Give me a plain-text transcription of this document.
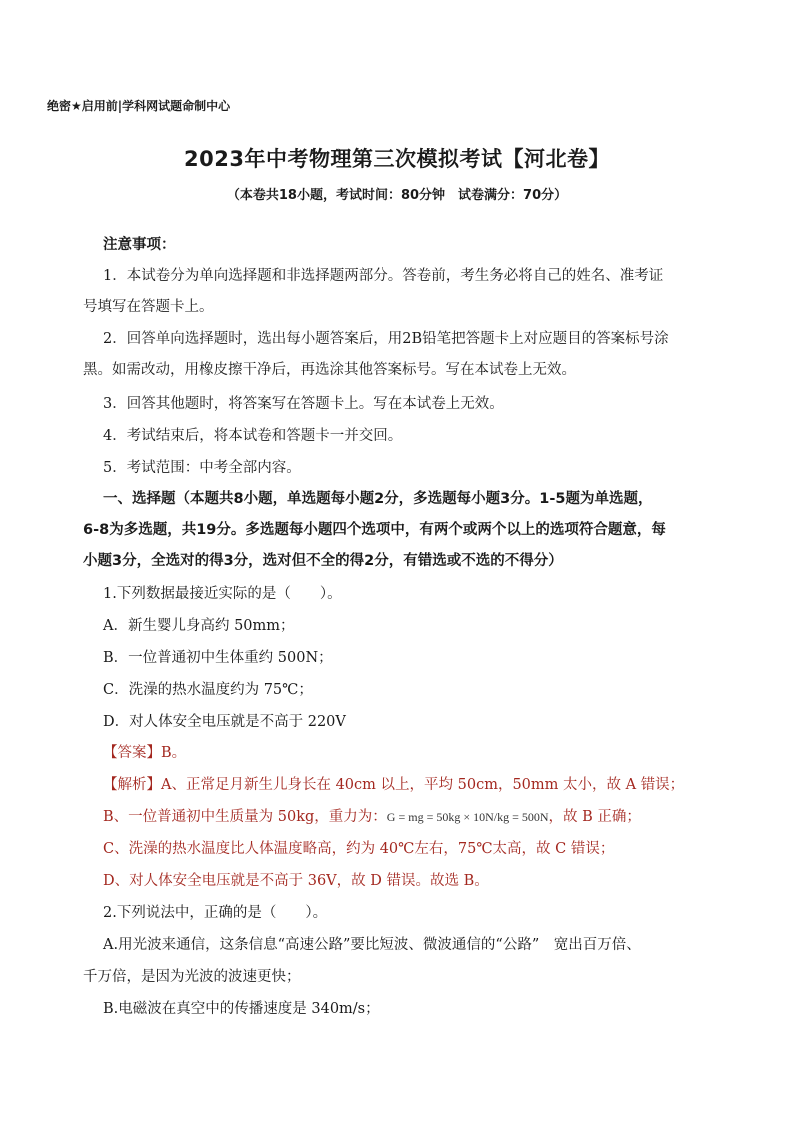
绝密★启用前|学科网试题命制中心
2023年中考物理第三次模拟考试【河北卷】
（本卷共18小题，考试时间：80分钟　试卷满分：70分）
注意事项：
1．本试卷分为单向选择题和非选择题两部分。答卷前，考生务必将自己的姓名、准考证
号填写在答题卡上。
2．回答单向选择题时，选出每小题答案后，用2B铅笔把答题卡上对应题目的答案标号涂
黑。如需改动，用橡皮擦干净后，再选涂其他答案标号。写在本试卷上无效。
3．回答其他题时，将答案写在答题卡上。写在本试卷上无效。
4．考试结束后，将本试卷和答题卡一并交回。
5．考试范围：中考全部内容。
一、选择题（本题共8小题，单选题每小题2分，多选题每小题3分。1-5题为单选题，
6-8为多选题，共19分。多选题每小题四个选项中，有两个或两个以上的选项符合题意，每
小题3分，全选对的得3分，选对但不全的得2分，有错选或不选的不得分）
1.下列数据最接近实际的是（　　）。
A．新生婴儿身高约 50mm；
B．一位普通初中生体重约 500N；
C．洗澡的热水温度约为 75℃；
D．对人体安全电压就是不高于 220V
【答案】B。
【解析】A、正常足月新生儿身长在 40cm 以上，平均 50cm，50mm 太小，故 A 错误；
B、一位普通初中生质量为 50kg，重力为：G = mg = 50kg × 10N/kg = 500N，故 B 正确；
C、洗澡的热水温度比人体温度略高，约为 40℃左右，75℃太高，故 C 错误；
D、对人体安全电压就是不高于 36V，故 D 错误。故选 B。
2.下列说法中，正确的是（　　）。
A.用光波来通信，这条信息“高速公路”要比短波、微波通信的“公路”　宽出百万倍、
千万倍，是因为光波的波速更快；
B.电磁波在真空中的传播速度是 340m/s；
